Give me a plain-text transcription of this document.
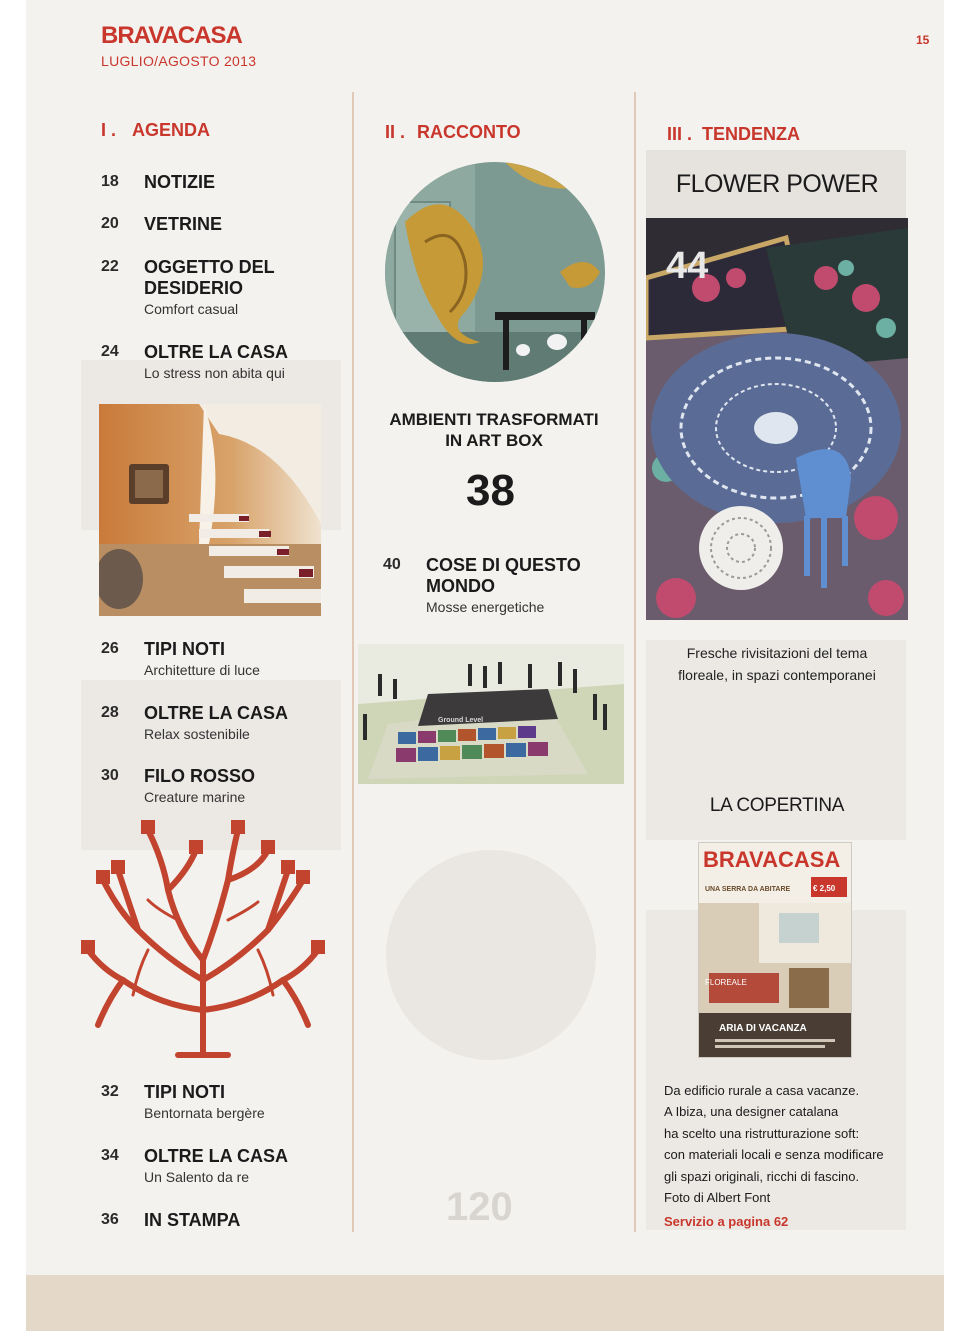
120
BRAVACASA
LUGLIO/AGOSTO 2013
15
I . AGENDA	II . RACCONTO	III . TENDENZA
18 NOTIZIE
20 VETRINE
22 OGGETTO DEL DESIDERIO
Comfort casual
24 OLTRE LA CASA
Lo stress non abita qui
26 TIPI NOTI
Architetture di luce
28 OLTRE LA CASA
Relax sostenibile
30 FILO ROSSO
Creature marine
32 TIPI NOTI
Bentornata bergère
34 OLTRE LA CASA
Un Salento da re
36 IN STAMPA
AMBIENTI TRASFORMATI
IN ART BOX
38
40 COSE DI QUESTO MONDO
Mosse energetiche
Ground Level
FLOWER POWER
44
Fresche rivisitazioni del tema
floreale, in spazi contemporanei
LA COPERTINA
BRAVACASA
UNA SERRA DA ABITARE	€ 2,50
FLOREALE
ARIA DI VACANZA
Da edificio rurale a casa vacanze.
A Ibiza, una designer catalana
ha scelto una ristrutturazione soft:
con materiali locali e senza modificare
gli spazi originali, ricchi di fascino.
Foto di Albert Font
Servizio a pagina 62
